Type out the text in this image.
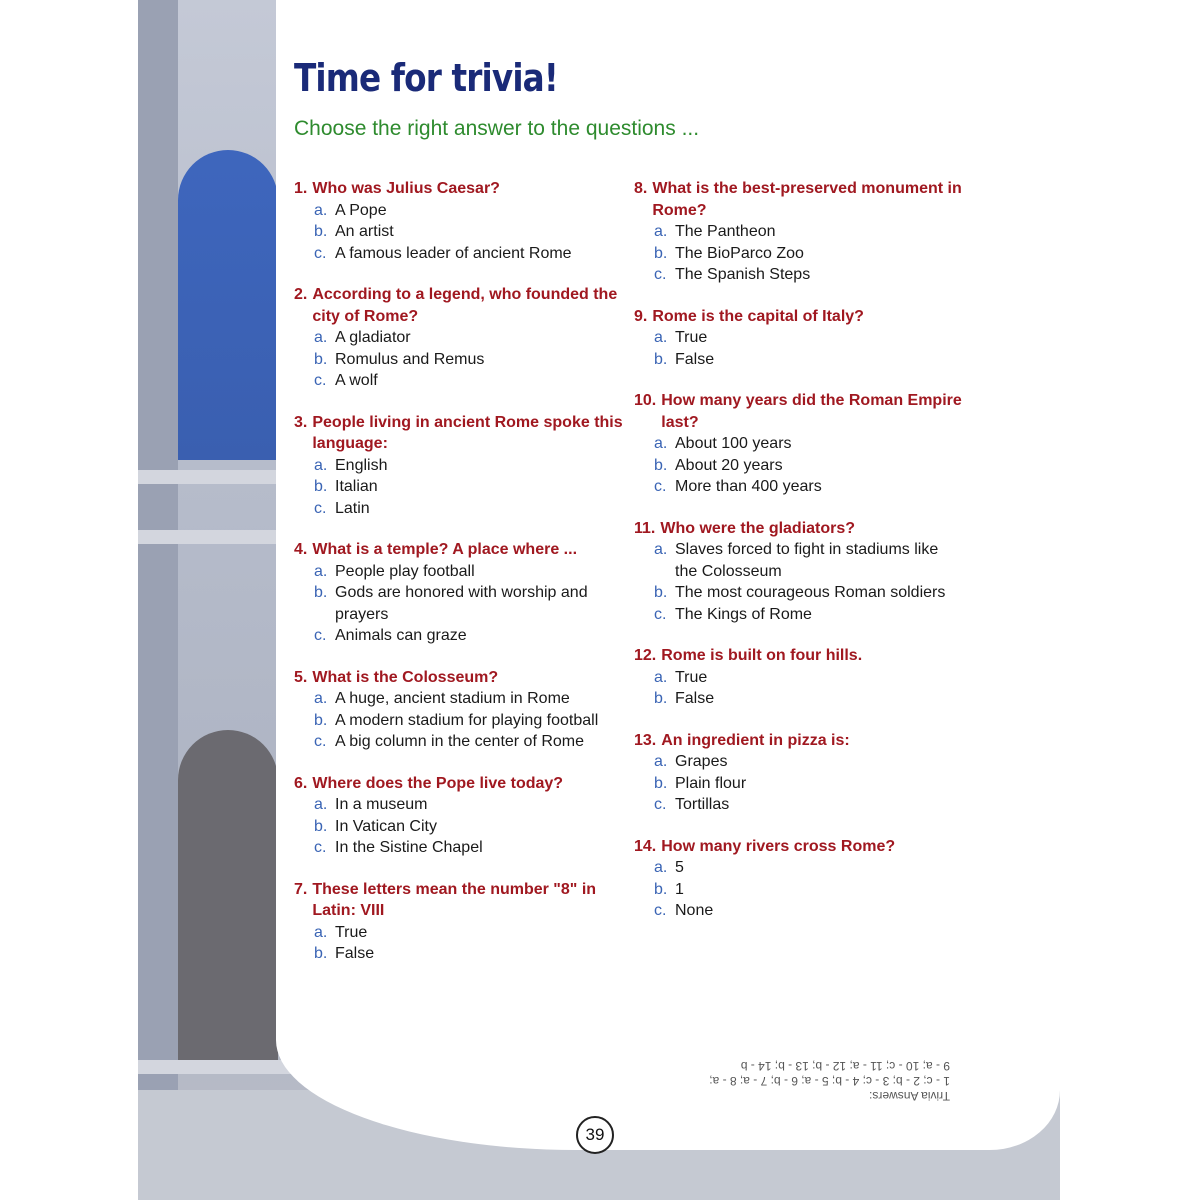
Time for trivia!
Choose the right answer to the questions ...
1. Who was Julius Caesar?
a. A Pope
b. An artist
c. A famous leader of ancient Rome
2. According to a legend, who founded the city of Rome?
a. A gladiator
b. Romulus and Remus
c. A wolf
3. People living in ancient Rome spoke this language:
a. English
b. Italian
c. Latin
4. What is a temple? A place where ...
a. People play football
b. Gods are honored with worship and prayers
c. Animals can graze
5. What is the Colosseum?
a. A huge, ancient stadium in Rome
b. A modern stadium for playing football
c. A big column in the center of Rome
6. Where does the Pope live today?
a. In a museum
b. In Vatican City
c. In the Sistine Chapel
7. These letters mean the number "8" in Latin: VIII
a. True
b. False
8. What is the best-preserved monument in Rome?
a. The Pantheon
b. The BioParco Zoo
c. The Spanish Steps
9. Rome is the capital of Italy?
a. True
b. False
10. How many years did the Roman Empire last?
a. About 100 years
b. About 20 years
c. More than 400 years
11. Who were the gladiators?
a. Slaves forced to fight in stadiums like the Colosseum
b. The most courageous Roman soldiers
c. The Kings of Rome
12. Rome is built on four hills.
a. True
b. False
13. An ingredient in pizza is:
a. Grapes
b. Plain flour
c. Tortillas
14. How many rivers cross Rome?
a. 5
b. 1
c. None
Trivia Answers:
1 - c; 2 - b; 3 - c; 4 - b; 5 - a; 6 - b; 7 - a; 8 - a;
9 - a; 10 - c; 11 - a; 12 - b; 13 - b; 14 - b
39
